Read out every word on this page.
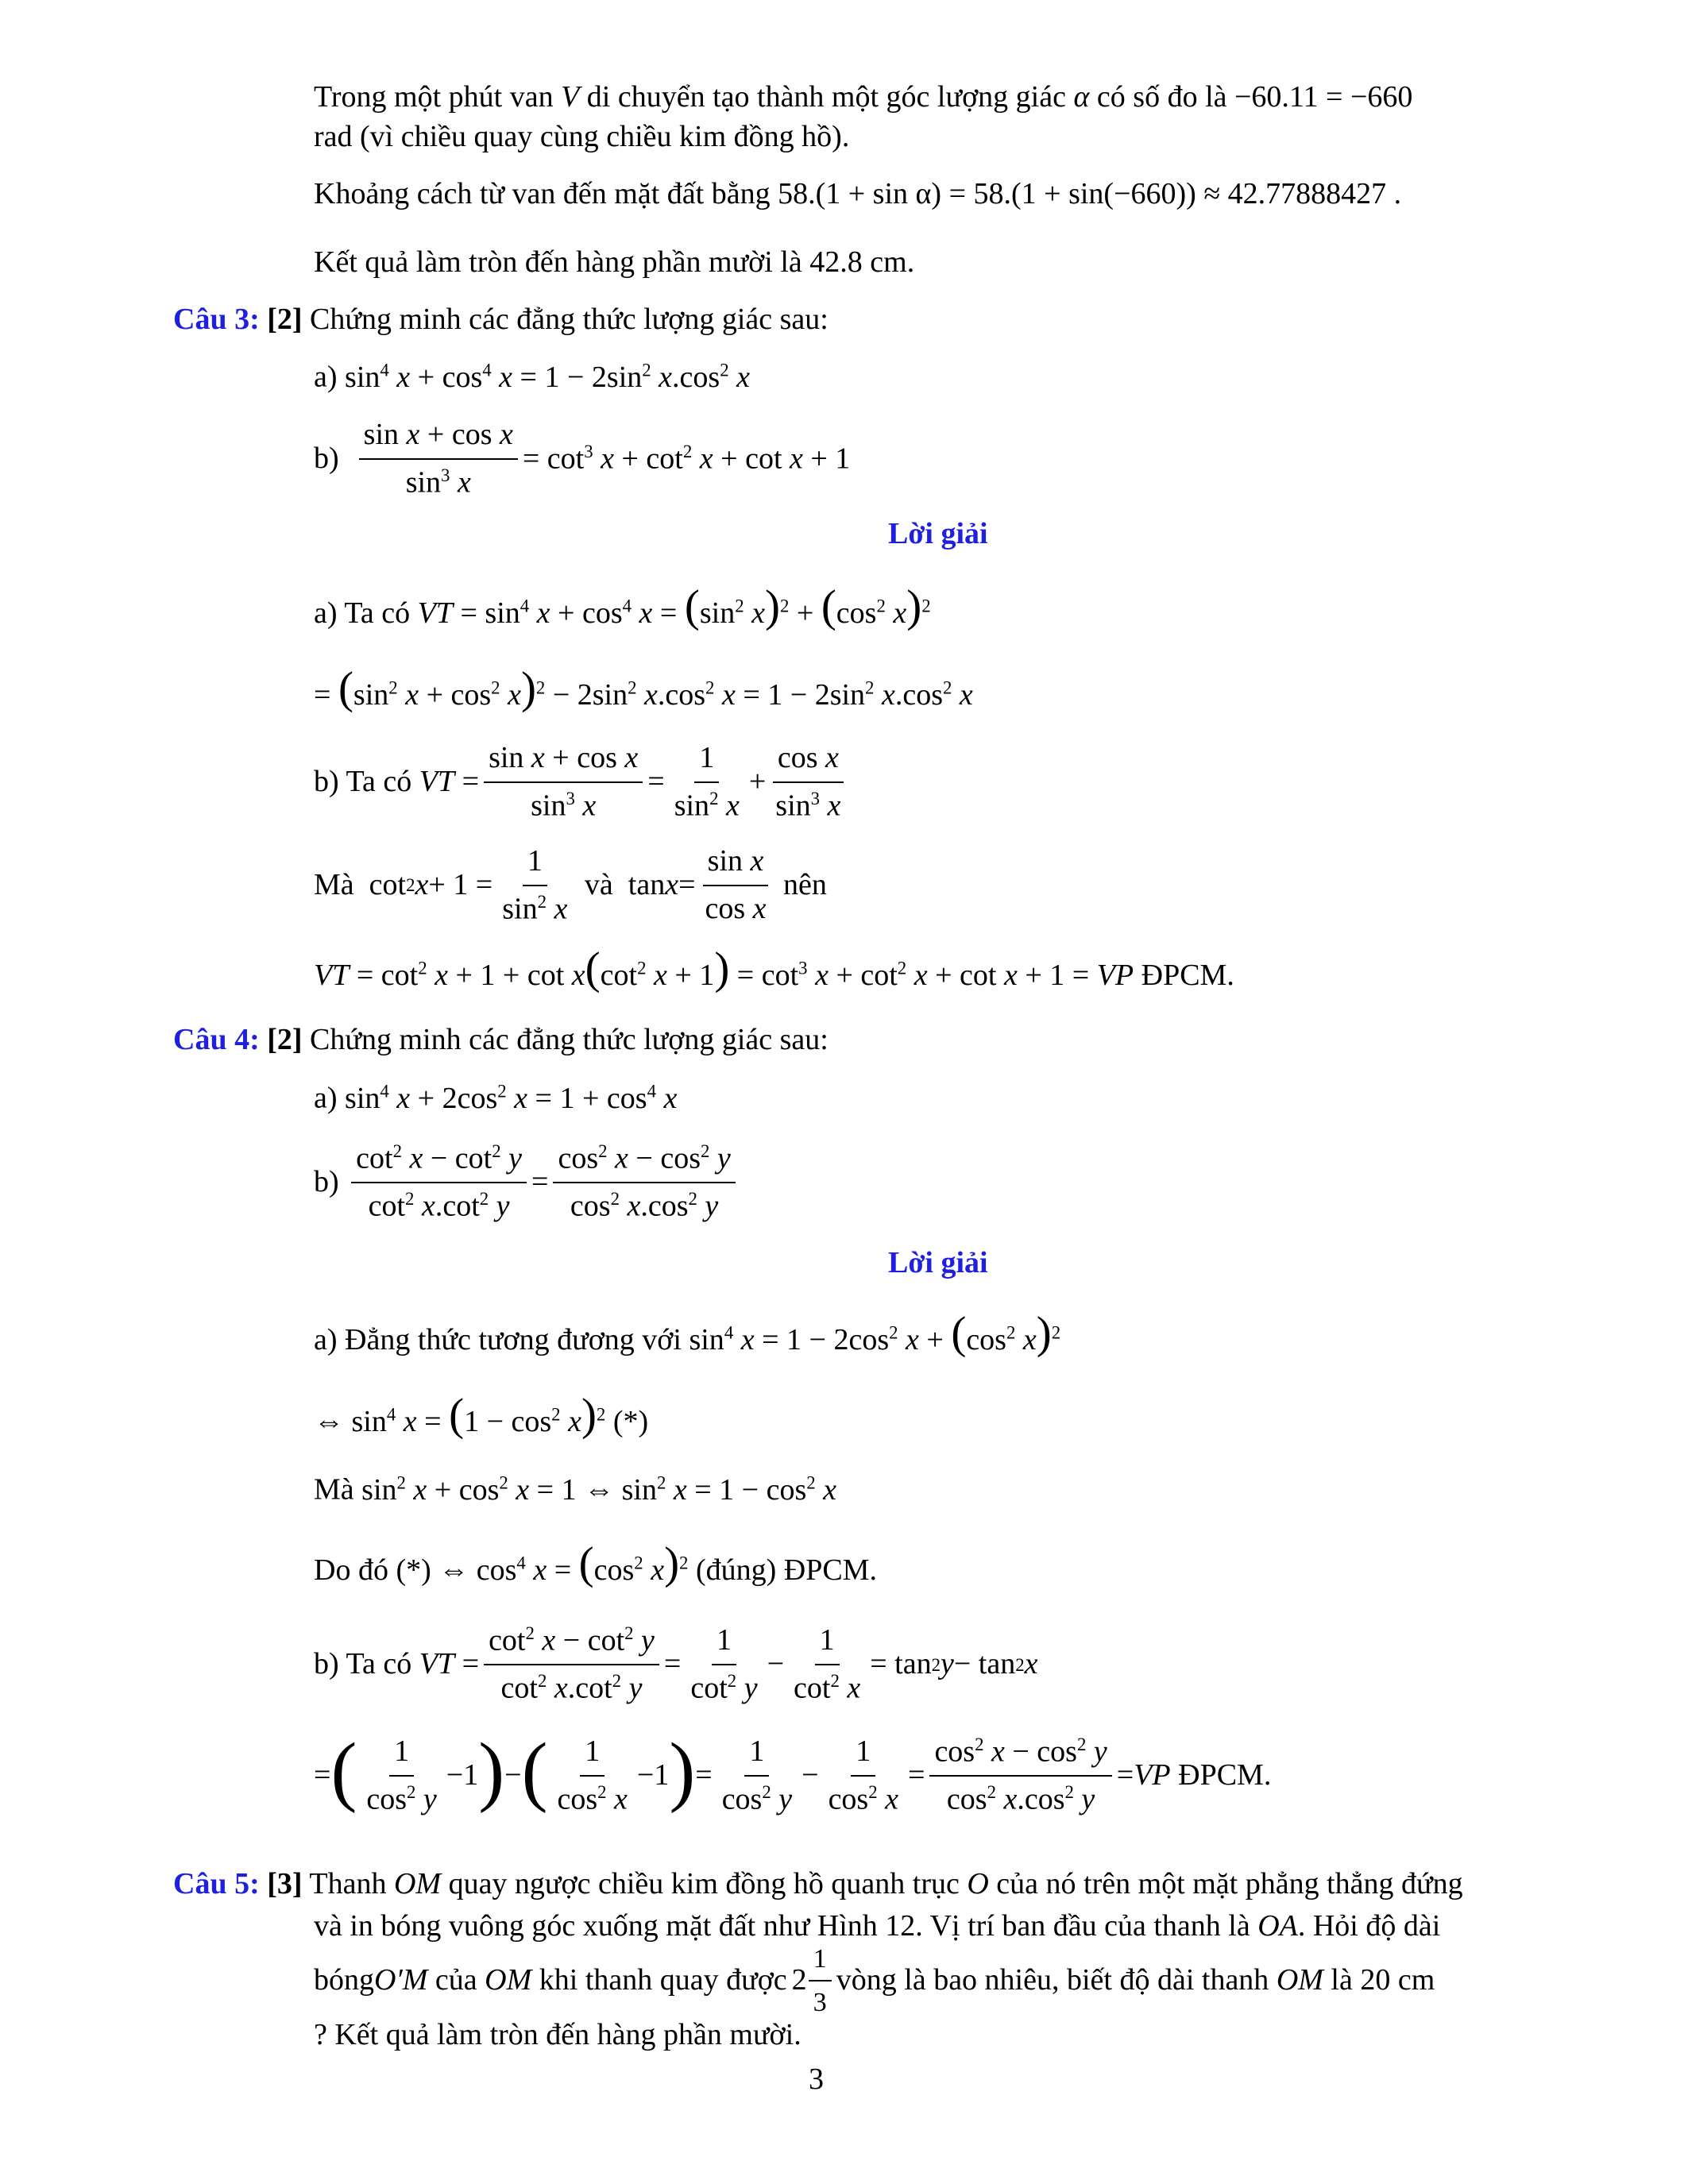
Trong một phút van V di chuyển tạo thành một góc lượng giác α có số đo là −60.11 = −660
rad (vì chiều quay cùng chiều kim đồng hồ).
Khoảng cách từ van đến mặt đất bằng 58.(1 + sin α) = 58.(1 + sin(−660)) ≈ 42.77888427 .
Kết quả làm tròn đến hàng phần mười là 42.8 cm.
Câu 3: [2] Chứng minh các đẳng thức lượng giác sau:
a) $\sin^4 x + \cos^4 x = 1 - 2\sin^2$ $x.\cos^2$ x
b)
$\frac{\text{sin x + cos x}}{\sin^3 x} = \cot^3 x + \cot^2 x + \cot x + 1$
Lời giải
a) Ta có VT = $\sin^4 x + \cos^4 x = (\sin^2$ $x)^2 + (\cos^2$ x)$^2$
= ($\sin^2$ $x + \cos^2 x)^2 - 2\sin^2$ $x.\cos^2$ $x = 1 - 2\sin^2$ $x.\cos^2$ x
b) Ta có
VT = $\frac{\text{sin x + cos x}}{\sin^3 x} = \frac{1}{\sin^2 x} + \frac{\text{cos x}}{\sin^3 x}$
Mà cot 2 $x + 1 = \frac{1}{\sin^2 x}$
và $\tan x = \frac{\text{sin x}}{\text{cos x}}$
nên
VT = $\cot^2 x + 1 + \cot x(\cot^2$ $x + 1) = \cot^3 x + \cot^2 x + \cot x + 1$ = VP ĐPCM.
Câu 4: [2] Chứng minh các đẳng thức lượng giác sau:
a) $\sin^4 x + 2\cos^2$ $x = 1 + \cos^4 x$
b)
$\frac{\cot^2 x - \cot^2 y}{\cot^2 x.\cot^2 y} = \frac{\cos^2 x - \cos^2 y}{\cos^2 x.\cos^2 y}$
Lời giải
a) Đẳng thức tương đương với $\sin^4 x = 1 - 2\cos^2$ $x + (\cos^2$ x)$^2$
⇔ $\sin^4 x = (1 - \cos^2 x)^2$ (*)
Mà $\sin^2 x + \cos^2 x = 1$ ⇔ $\sin^2 x = 1 - \cos^2 x$
Do đó (*) ⇔ $\cos^4 x = (\cos^2$ x)$^2$ (đúng) ĐPCM.
b) Ta có
VT = $\frac{\cot^2 x - \cot^2 y}{\cot^2 x.\cot^2 y} = \frac{1}{\cot^2 y} - \frac{1}{\cot^2 x} = \tan 2$ y − tan 2 x
= ( $\frac{1}{\cos^2 y} -1$ ) − ( $\frac{1}{\cos^2 x} -1$ ) = $\frac{1}{\cos^2 y} - \frac{1}{\cos^2 x} = \frac{\cos^2 x - \cos^2 y}{\cos^2 x.\cos^2 y}$ = VP
ĐPCM.
Câu 5: [3] Thanh OM quay ngược chiều kim đồng hồ quanh trục O của nó trên một mặt phẳng thẳng đứng
và in bóng vuông góc xuống mặt đất như Hình 12. Vị trí ban đầu của thanh là OA. Hỏi độ dài
bóng O′M
của
OM
khi thanh quay được $2 \frac{1}{3}$ vòng là bao nhiêu, biết độ dài thanh
OM
là 20 cm
? Kết quả làm tròn đến hàng phần mười.
3
